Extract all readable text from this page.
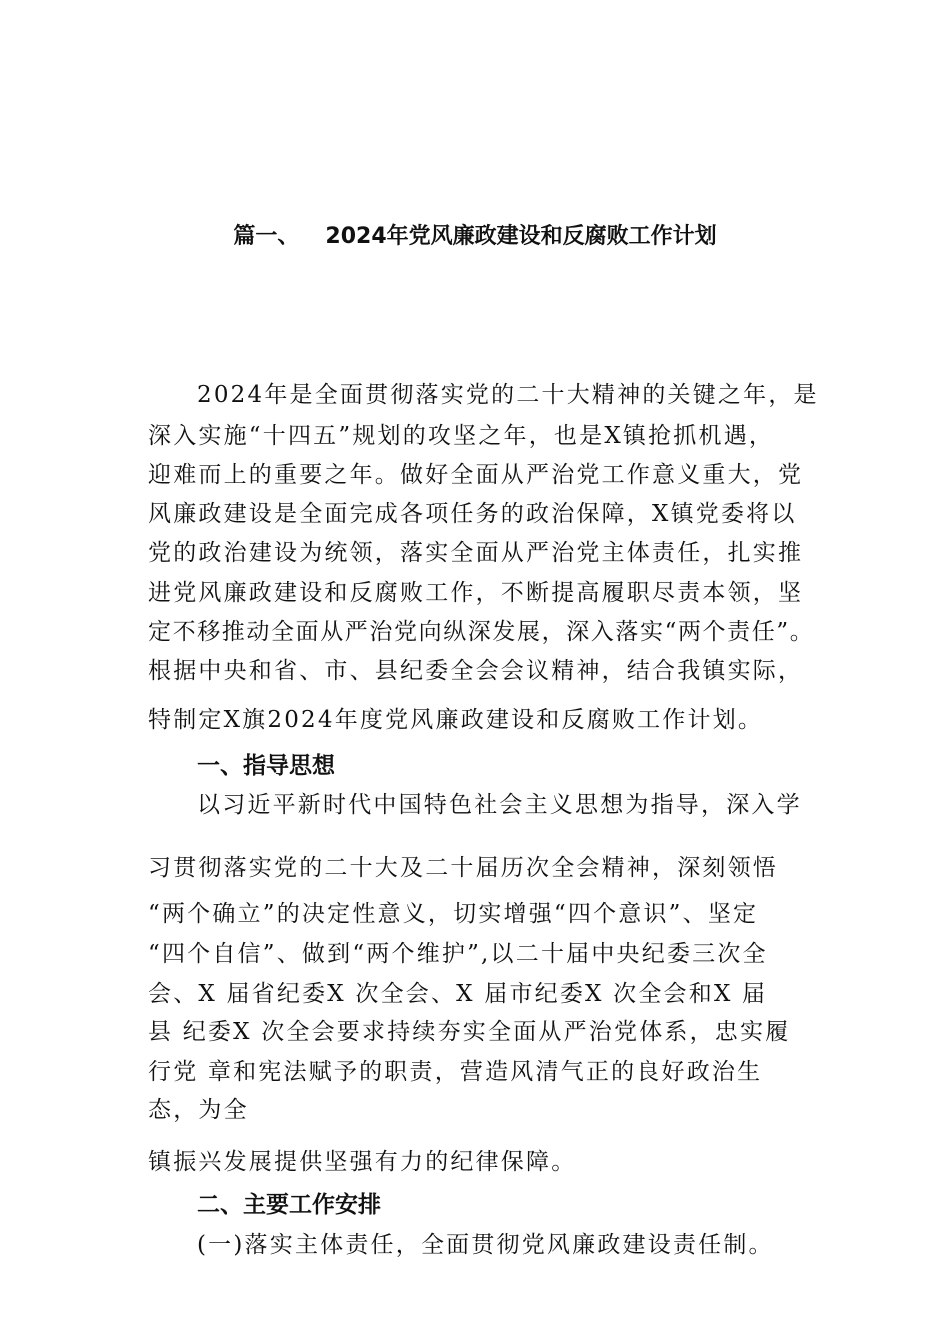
篇一、 2024年党风廉政建设和反腐败工作计划
2024年是全面贯彻落实党的二十大精神的关键之年，是
深入实施“十四五”规划的攻坚之年，也是X镇抢抓机遇，
迎难而上的重要之年。做好全面从严治党工作意义重大，党
风廉政建设是全面完成各项任务的政治保障，X镇党委将以
党的政治建设为统领，落实全面从严治党主体责任，扎实推
进党风廉政建设和反腐败工作，不断提高履职尽责本领，坚
定不移推动全面从严治党向纵深发展，深入落实“两个责任”。
根据中央和省、市、县纪委全会会议精神，结合我镇实际，
特制定X旗2024年度党风廉政建设和反腐败工作计划。
一、指导思想
以习近平新时代中国特色社会主义思想为指导，深入学
习贯彻落实党的二十大及二十届历次全会精神，深刻领悟
“两个确立”的决定性意义，切实增强“四个意识”、坚定
“四个自信”、做到“两个维护”,以二十届中央纪委三次全
会、X 届省纪委X 次全会、X 届市纪委X 次全会和X 届
县 纪委X 次全会要求持续夯实全面从严治党体系，忠实履
行党 章和宪法赋予的职责，营造风清气正的良好政治生
态，为全
镇振兴发展提供坚强有力的纪律保障。
二、主要工作安排
(一)落实主体责任，全面贯彻党风廉政建设责任制。
